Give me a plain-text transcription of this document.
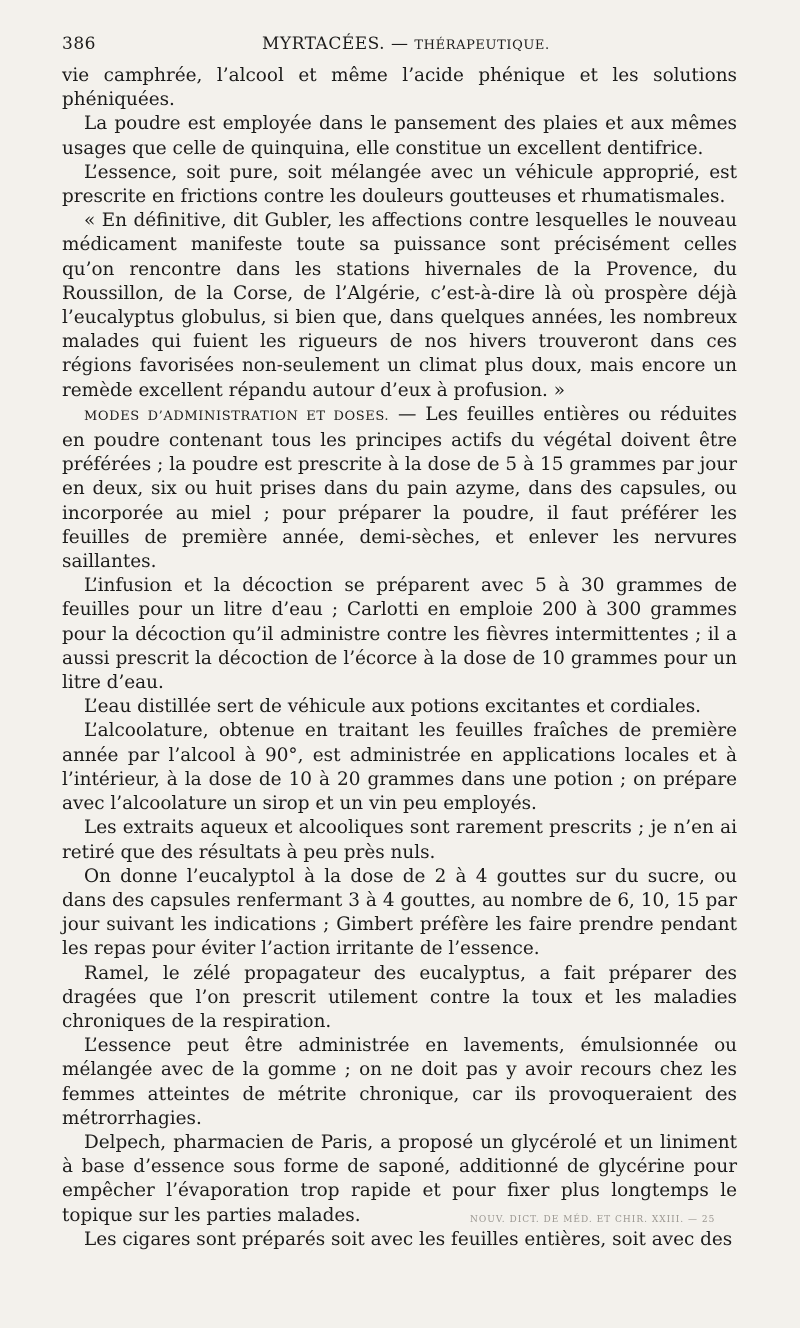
386	MYRTACÉES. — THÉRAPEUTIQUE.

vie camphrée, l’alcool et même l’acide phénique et les solutions phéniquées.

La poudre est employée dans le pansement des plaies et aux mêmes usages que celle de quinquina, elle constitue un excellent dentifrice.

L’essence, soit pure, soit mélangée avec un véhicule approprié, est prescrite en frictions contre les douleurs goutteuses et rhumatismales.

« En définitive, dit Gubler, les affections contre lesquelles le nouveau médicament manifeste toute sa puissance sont précisément celles qu’on rencontre dans les stations hivernales de la Provence, du Roussillon, de la Corse, de l’Algérie, c’est-à-dire là où prospère déjà l’eucalyptus globulus, si bien que, dans quelques années, les nombreux malades qui fuient les rigueurs de nos hivers trouveront dans ces régions favorisées non-seulement un climat plus doux, mais encore un remède excellent répandu autour d’eux à profusion. »

MODES D’ADMINISTRATION ET DOSES. — Les feuilles entières ou réduites en poudre contenant tous les principes actifs du végétal doivent être préférées ; la poudre est prescrite à la dose de 5 à 15 grammes par jour en deux, six ou huit prises dans du pain azyme, dans des capsules, ou incorporée au miel ; pour préparer la poudre, il faut préférer les feuilles de première année, demi-sèches, et enlever les nervures saillantes.

L’infusion et la décoction se préparent avec 5 à 30 grammes de feuilles pour un litre d’eau ; Carlotti en emploie 200 à 300 grammes pour la décoction qu’il administre contre les fièvres intermittentes ; il a aussi prescrit la décoction de l’écorce à la dose de 10 grammes pour un litre d’eau.

L’eau distillée sert de véhicule aux potions excitantes et cordiales.

L’alcoolature, obtenue en traitant les feuilles fraîches de première année par l’alcool à 90°, est administrée en applications locales et à l’intérieur, à la dose de 10 à 20 grammes dans une potion ; on prépare avec l’alcoolature un sirop et un vin peu employés.

Les extraits aqueux et alcooliques sont rarement prescrits ; je n’en ai retiré que des résultats à peu près nuls.

On donne l’eucalyptol à la dose de 2 à 4 gouttes sur du sucre, ou dans des capsules renfermant 3 à 4 gouttes, au nombre de 6, 10, 15 par jour suivant les indications ; Gimbert préfère les faire prendre pendant les repas pour éviter l’action irritante de l’essence.

Ramel, le zélé propagateur des eucalyptus, a fait préparer des dragées que l’on prescrit utilement contre la toux et les maladies chroniques de la respiration.

L’essence peut être administrée en lavements, émulsionnée ou mélangée avec de la gomme ; on ne doit pas y avoir recours chez les femmes atteintes de métrite chronique, car ils provoqueraient des métrorrhagies.

Delpech, pharmacien de Paris, a proposé un glycérolé et un liniment à base d’essence sous forme de saponé, additionné de glycérine pour empêcher l’évaporation trop rapide et pour fixer plus longtemps le topique sur les parties malades.

Les cigares sont préparés soit avec les feuilles entières, soit avec des

NOUV. DICT. DE MÉD. ET CHIR. XXIII. — 25
